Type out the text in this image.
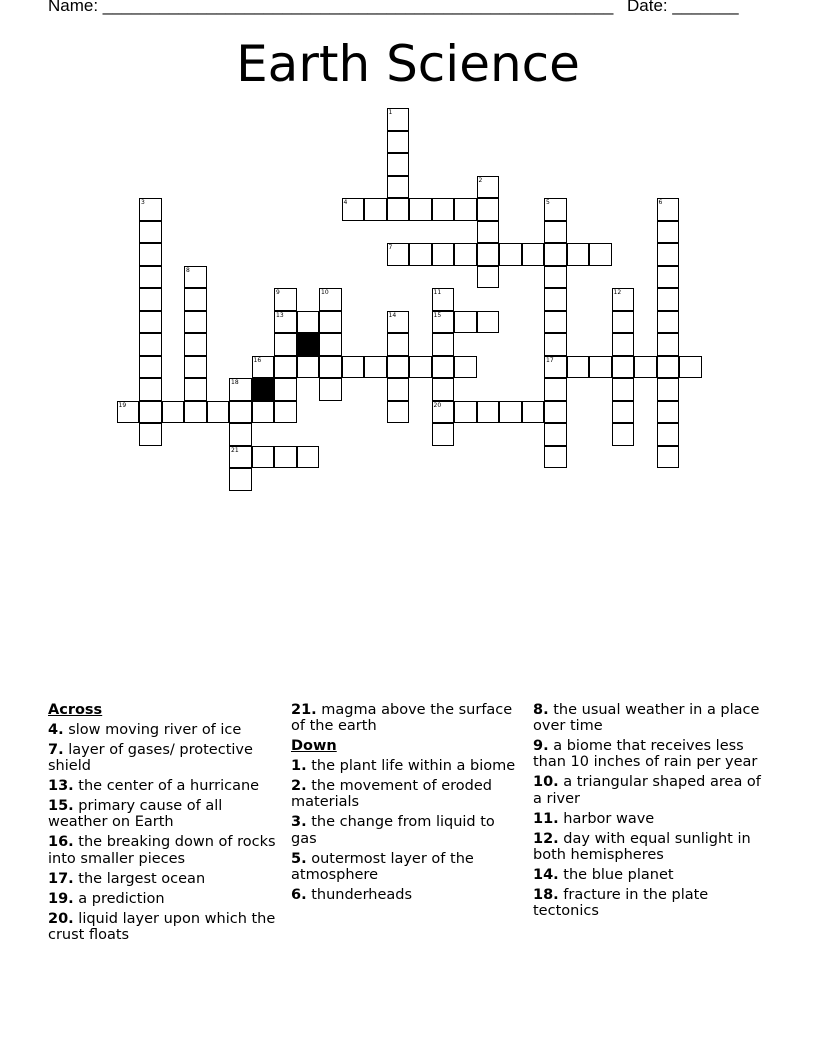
Name: ______________________________________________________ Date: _______
Earth Science
1
2
3	4	5
17
6
7
8
9
13
10	11
15
20
12
14
16
18
21
19
Across
4. slow moving river of ice
7. layer of gases/ protective shield
13. the center of a hurricane
15. primary cause of all weather on Earth
16. the breaking down of rocks into smaller pieces
17. the largest ocean
19. a prediction
20. liquid layer upon which the crust floats
21. magma above the surface of the earth
Down
1. the plant life within a biome
2. the movement of eroded materials
3. the change from liquid to gas
5. outermost layer of the atmosphere
6. thunderheads
8. the usual weather in a place over time
9. a biome that receives less than 10 inches of rain per year
10. a triangular shaped area of a river
11. harbor wave
12. day with equal sunlight in both hemispheres
14. the blue planet
18. fracture in the plate tectonics
